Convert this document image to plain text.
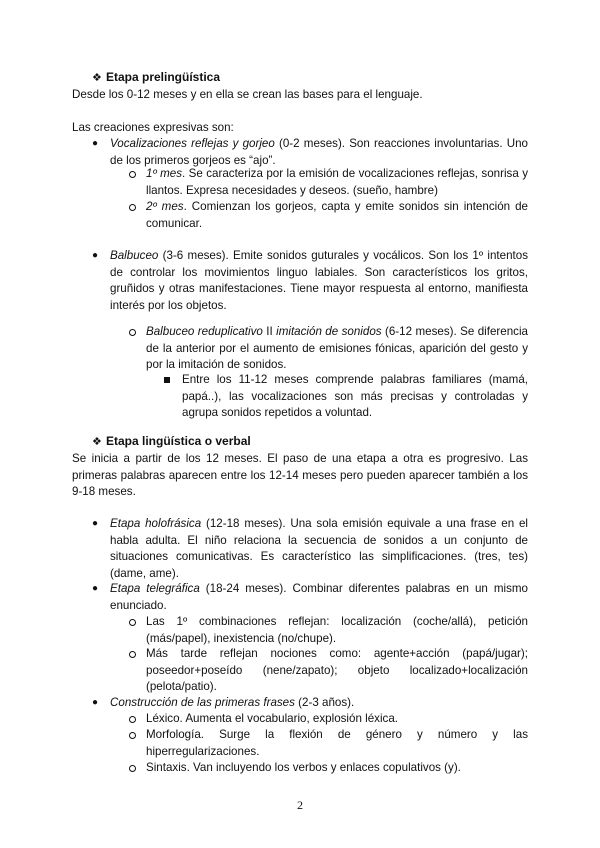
❖ Etapa prelingüística
Desde los 0-12 meses y en ella se crean las bases para el lenguaje.
Las creaciones expresivas son:
● Vocalizaciones reflejas y gorjeo (0-2 meses). Son reacciones involuntarias. Uno de los primeros gorjeos es “ajo”.
1º mes. Se caracteriza por la emisión de vocalizaciones reflejas, sonrisa y llantos. Expresa necesidades y deseos. (sueño, hambre)
2º mes. Comienzan los gorjeos, capta y emite sonidos sin intención de comunicar.
● Balbuceo (3-6 meses). Emite sonidos guturales y vocálicos. Son los 1º intentos de controlar los movimientos linguo labiales. Son característicos los gritos, gruñidos y otras manifestaciones. Tiene mayor respuesta al entorno, manifiesta interés por los objetos.
Balbuceo reduplicativo II imitación de sonidos (6-12 meses). Se diferencia de la anterior por el aumento de emisiones fónicas, aparición del gesto y por la imitación de sonidos.
Entre los 11-12 meses comprende palabras familiares (mamá, papá..), las vocalizaciones son más precisas y controladas y agrupa sonidos repetidos a voluntad.
❖ Etapa lingüística o verbal
Se inicia a partir de los 12 meses. El paso de una etapa a otra es progresivo. Las primeras palabras aparecen entre los 12-14 meses pero pueden aparecer también a los 9-18 meses.
● Etapa holofrásica (12-18 meses). Una sola emisión equivale a una frase en el habla adulta. El niño relaciona la secuencia de sonidos a un conjunto de situaciones comunicativas. Es característico las simplificaciones. (tres, tes)(dame, ame).
● Etapa telegráfica (18-24 meses). Combinar diferentes palabras en un mismo enunciado.
Las 1º combinaciones reflejan: localización (coche/allá), petición (más/papel), inexistencia (no/chupe).
Más tarde reflejan nociones como: agente+acción (papá/jugar); poseedor+poseído (nene/zapato); objeto localizado+localización (pelota/patio).
● Construcción de las primeras frases (2-3 años).
Léxico. Aumenta el vocabulario, explosión léxica.
Morfología. Surge la flexión de género y número y las hiperregularizaciones.
Sintaxis. Van incluyendo los verbos y enlaces copulativos (y).
2
